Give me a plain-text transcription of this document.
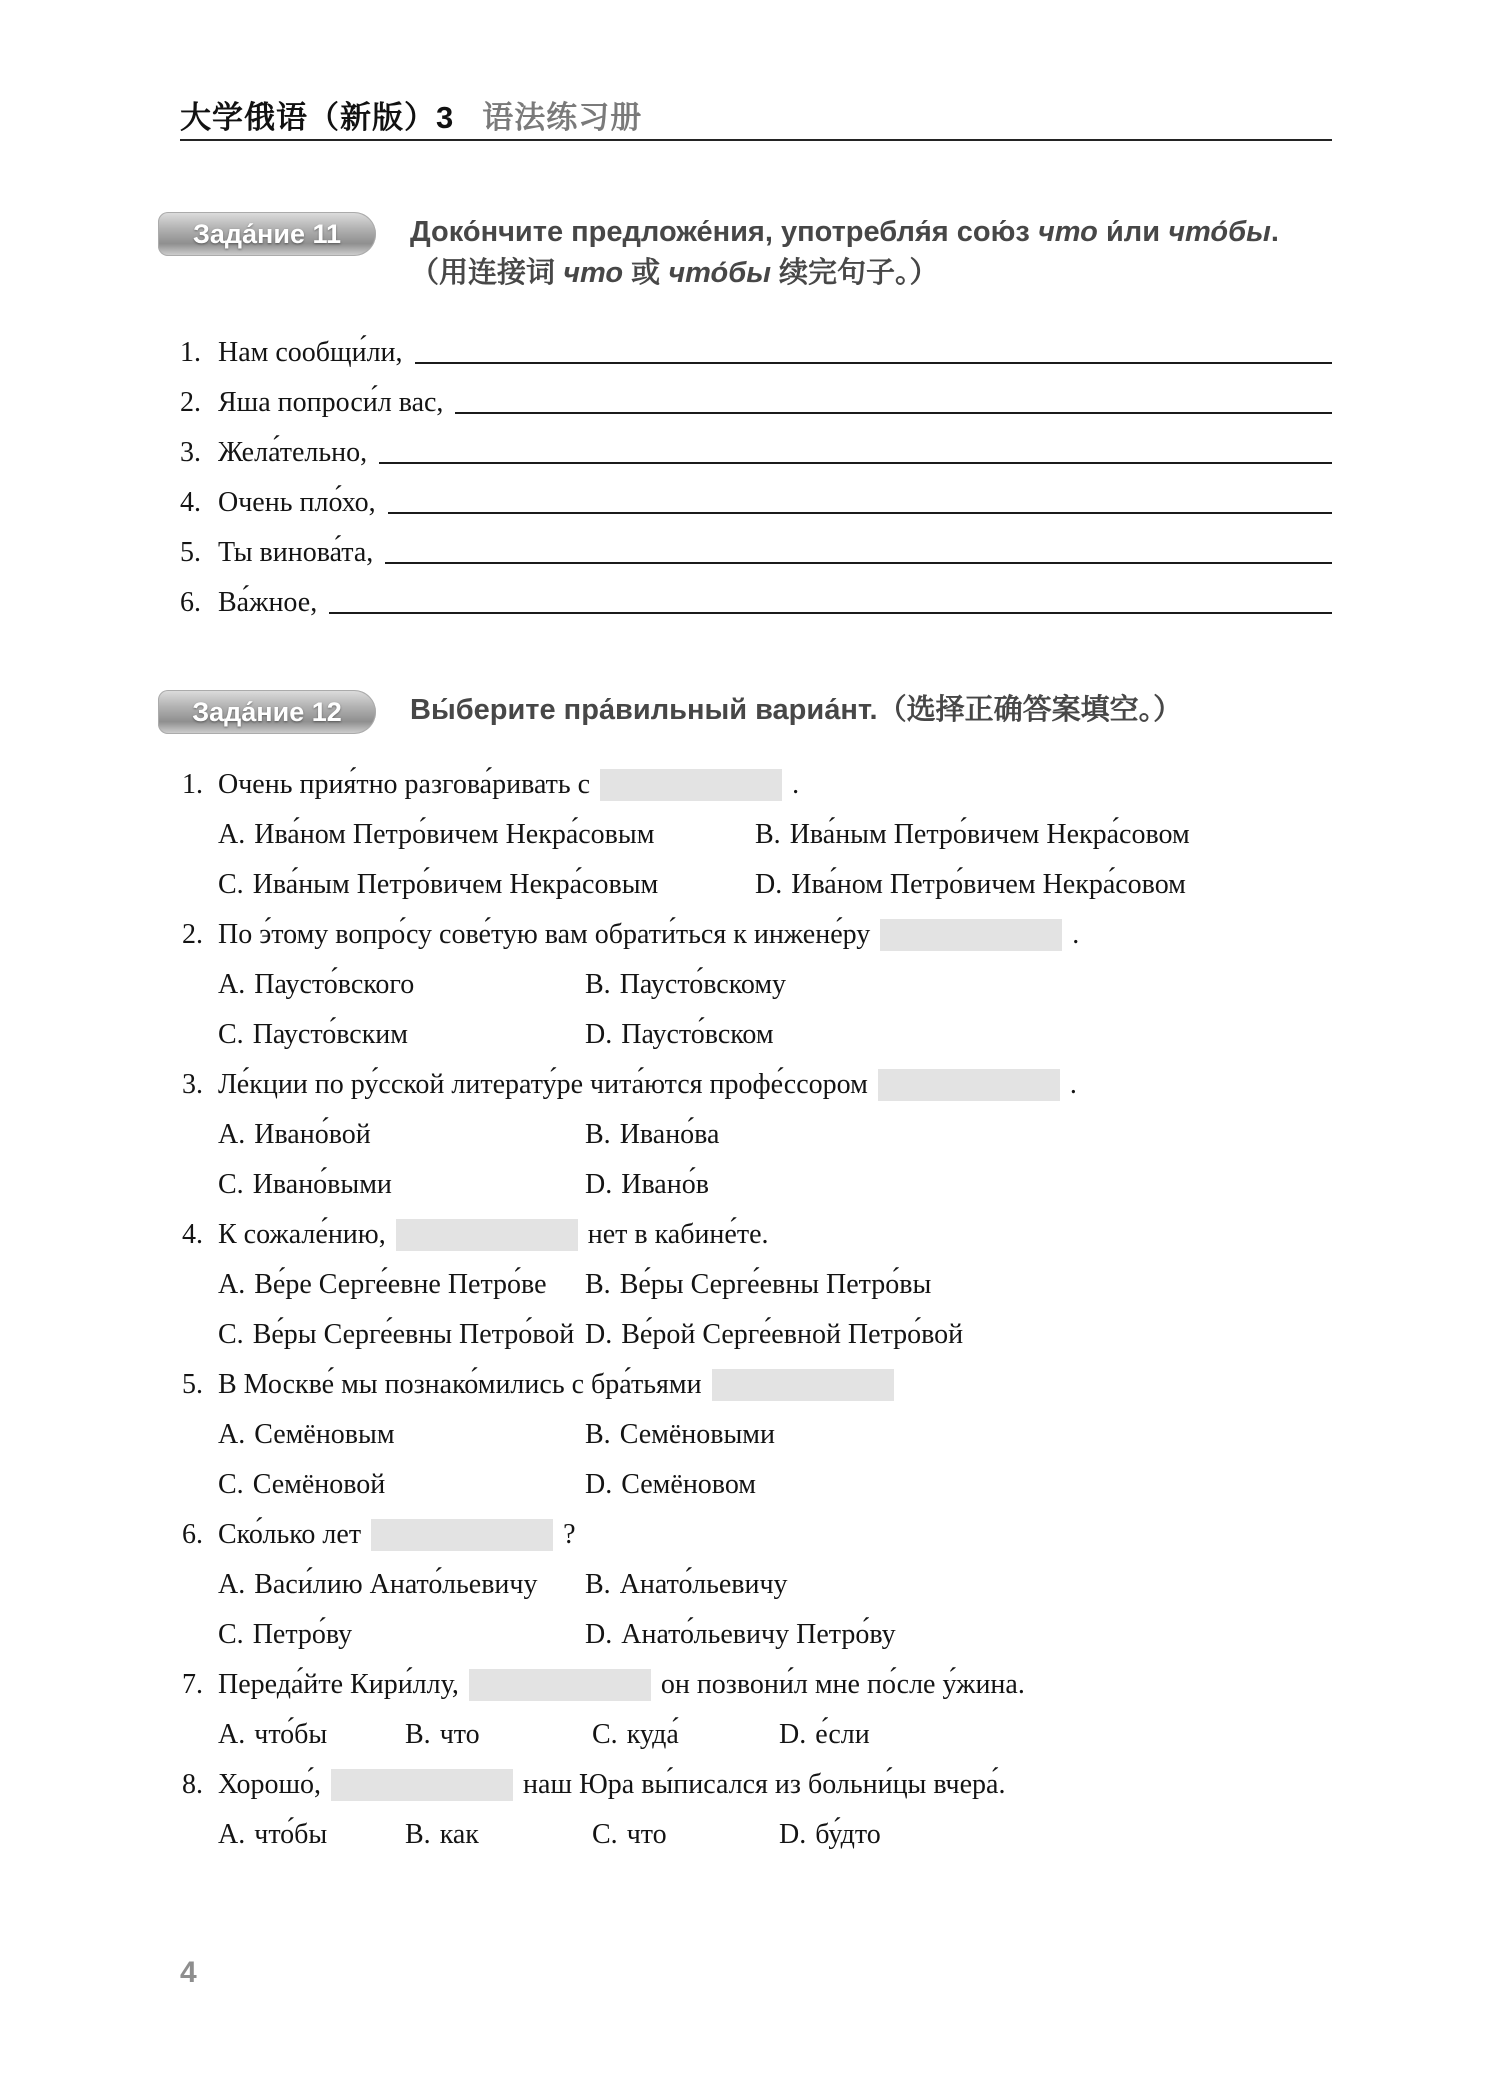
大学俄语（新版）3 语法练习册
Зада́ние 11	Доко́нчите предложе́ния, употребля́я сою́з что и́ли что́бы.（用连接词 что 或 что́бы 续完句子。）
1. Нам сообщи́ли,
2. Яша попроси́л вас,
3. Жела́тельно,
4. Очень пло́хо,
5. Ты винова́та,
6. Ва́жное,
Зада́ние 12	Вы́берите пра́вильный вариа́нт.（选择正确答案填空。）
1. Очень прия́тно разгова́ривать с	.
A. Ива́ном Петро́вичем Некра́совым	B. Ива́ным Петро́вичем Некра́совом
C. Ива́ным Петро́вичем Некра́совым	D. Ива́ном Петро́вичем Некра́совом
2. По э́тому вопро́су сове́тую вам обрати́ться к инжене́ру	.
A. Паусто́вского	B. Паусто́вскому
C. Паусто́вским	D. Паусто́вском
3. Ле́кции по ру́сской литерату́ре чита́ются профе́ссором	.
A. Ивано́вой	B. Ивано́ва
C. Ивано́выми	D. Ивано́в
4. К сожале́нию,	нет в кабине́те.
A. Ве́ре Серге́евне Петро́ве B. Ве́ры Серге́евны Петро́вы
C. Ве́ры Серге́евны Петро́вой D. Ве́рой Серге́евной Петро́вой
5. В Москве́ мы познако́мились с бра́тьями
A. Семёновым	B. Семёновыми
C. Семёновой	D. Семёновом
6. Ско́лько лет	?
A. Васи́лию Анато́льевичу B. Анато́льевичу
C. Петро́ву	D. Анато́льевичу Петро́ву
7. Переда́йте Кири́ллу,	он позвони́л мне по́сле у́жина.
A. что́бы	B. что	C. куда́	D. е́сли
8. Хорошо́,	наш Юра вы́писался из больни́цы вчера́.
A. что́бы	B. как	C. что	D. бу́дто
4
